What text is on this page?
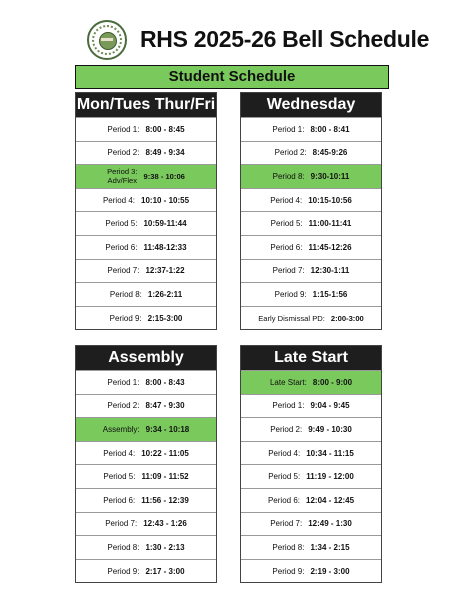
RHS 2025-26 Bell Schedule
Student Schedule
Mon/Tues Thur/Fri
Period 1: 8:00 - 8:45
Period 2: 8:49 - 9:34
Period 3:
Adv/Flex 9:38 - 10:06
Period 4: 10:10 - 10:55
Period 5: 10:59-11:44
Period 6: 11:48-12:33
Period 7: 12:37-1:22
Period 8: 1:26-2:11
Period 9: 2:15-3:00
Wednesday
Period 1: 8:00 - 8:41
Period 2: 8:45-9:26
Period 8: 9:30-10:11
Period 4: 10:15-10:56
Period 5: 11:00-11:41
Period 6: 11:45-12:26
Period 7: 12:30-1:11
Period 9: 1:15-1:56
Early Dismissal PD: 2:00-3:00
Assembly
Period 1: 8:00 - 8:43
Period 2: 8:47 - 9:30
Assembly: 9:34 - 10:18
Period 4: 10:22 - 11:05
Period 5: 11:09 - 11:52
Period 6: 11:56 - 12:39
Period 7: 12:43 - 1:26
Period 8: 1:30 - 2:13
Period 9: 2:17 - 3:00
Late Start
Late Start: 8:00 - 9:00
Period 1: 9:04 - 9:45
Period 2: 9:49 - 10:30
Period 4: 10:34 - 11:15
Period 5: 11:19 - 12:00
Period 6: 12:04 - 12:45
Period 7: 12:49 - 1:30
Period 8: 1:34 - 2:15
Period 9: 2:19 - 3:00
